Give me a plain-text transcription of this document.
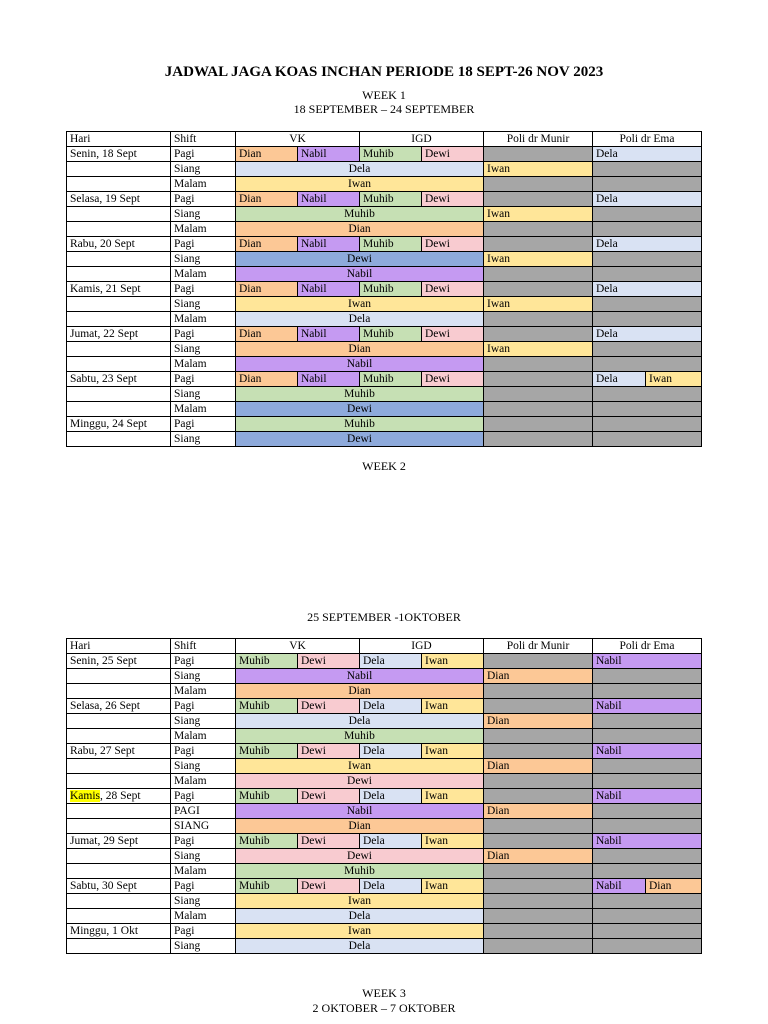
JADWAL JAGA KOAS INCHAN PERIODE 18 SEPT-26 NOV 2023
WEEK 1
18 SEPTEMBER – 24 SEPTEMBER
Hari	Shift	VK		IGD		Poli dr Munir	Poli dr Ema	
Senin, 18 Sept	Pagi	Dian	Nabil	Muhib	Dewi		Dela	
	Siang	Dela				Iwan		
	Malam	Iwan						
Selasa, 19 Sept	Pagi	Dian	Nabil	Muhib	Dewi		Dela	
	Siang	Muhib				Iwan		
	Malam	Dian						
Rabu, 20 Sept	Pagi	Dian	Nabil	Muhib	Dewi		Dela	
	Siang	Dewi				Iwan		
	Malam	Nabil						
Kamis, 21 Sept	Pagi	Dian	Nabil	Muhib	Dewi		Dela	
	Siang	Iwan				Iwan		
	Malam	Dela						
Jumat, 22 Sept	Pagi	Dian	Nabil	Muhib	Dewi		Dela	
	Siang	Dian				Iwan		
	Malam	Nabil						
Sabtu, 23 Sept	Pagi	Dian	Nabil	Muhib	Dewi		Dela	Iwan
	Siang	Muhib						
	Malam	Dewi						
Minggu, 24 Sept	Pagi	Muhib						
	Siang	Dewi						
WEEK 2
25 SEPTEMBER -1OKTOBER
Hari	Shift	VK		IGD		Poli dr Munir	Poli dr Ema	
Senin, 25 Sept	Pagi	Muhib	Dewi	Dela	Iwan		Nabil	
	Siang	Nabil				Dian		
	Malam	Dian						
Selasa, 26 Sept	Pagi	Muhib	Dewi	Dela	Iwan		Nabil	
	Siang	Dela				Dian		
	Malam	Muhib						
Rabu, 27 Sept	Pagi	Muhib	Dewi	Dela	Iwan		Nabil	
	Siang	Iwan				Dian		
	Malam	Dewi						
Kamis, 28 Sept	Pagi	Muhib	Dewi	Dela	Iwan		Nabil	
	PAGI	Nabil				Dian		
	SIANG	Dian						
Jumat, 29 Sept	Pagi	Muhib	Dewi	Dela	Iwan		Nabil	
	Siang	Dewi				Dian		
	Malam	Muhib						
Sabtu, 30 Sept	Pagi	Muhib	Dewi	Dela	Iwan		Nabil	Dian
	Siang	Iwan						
	Malam	Dela						
Minggu, 1 Okt	Pagi	Iwan						
	Siang	Dela						
WEEK 3
2 OKTOBER – 7 OKTOBER
